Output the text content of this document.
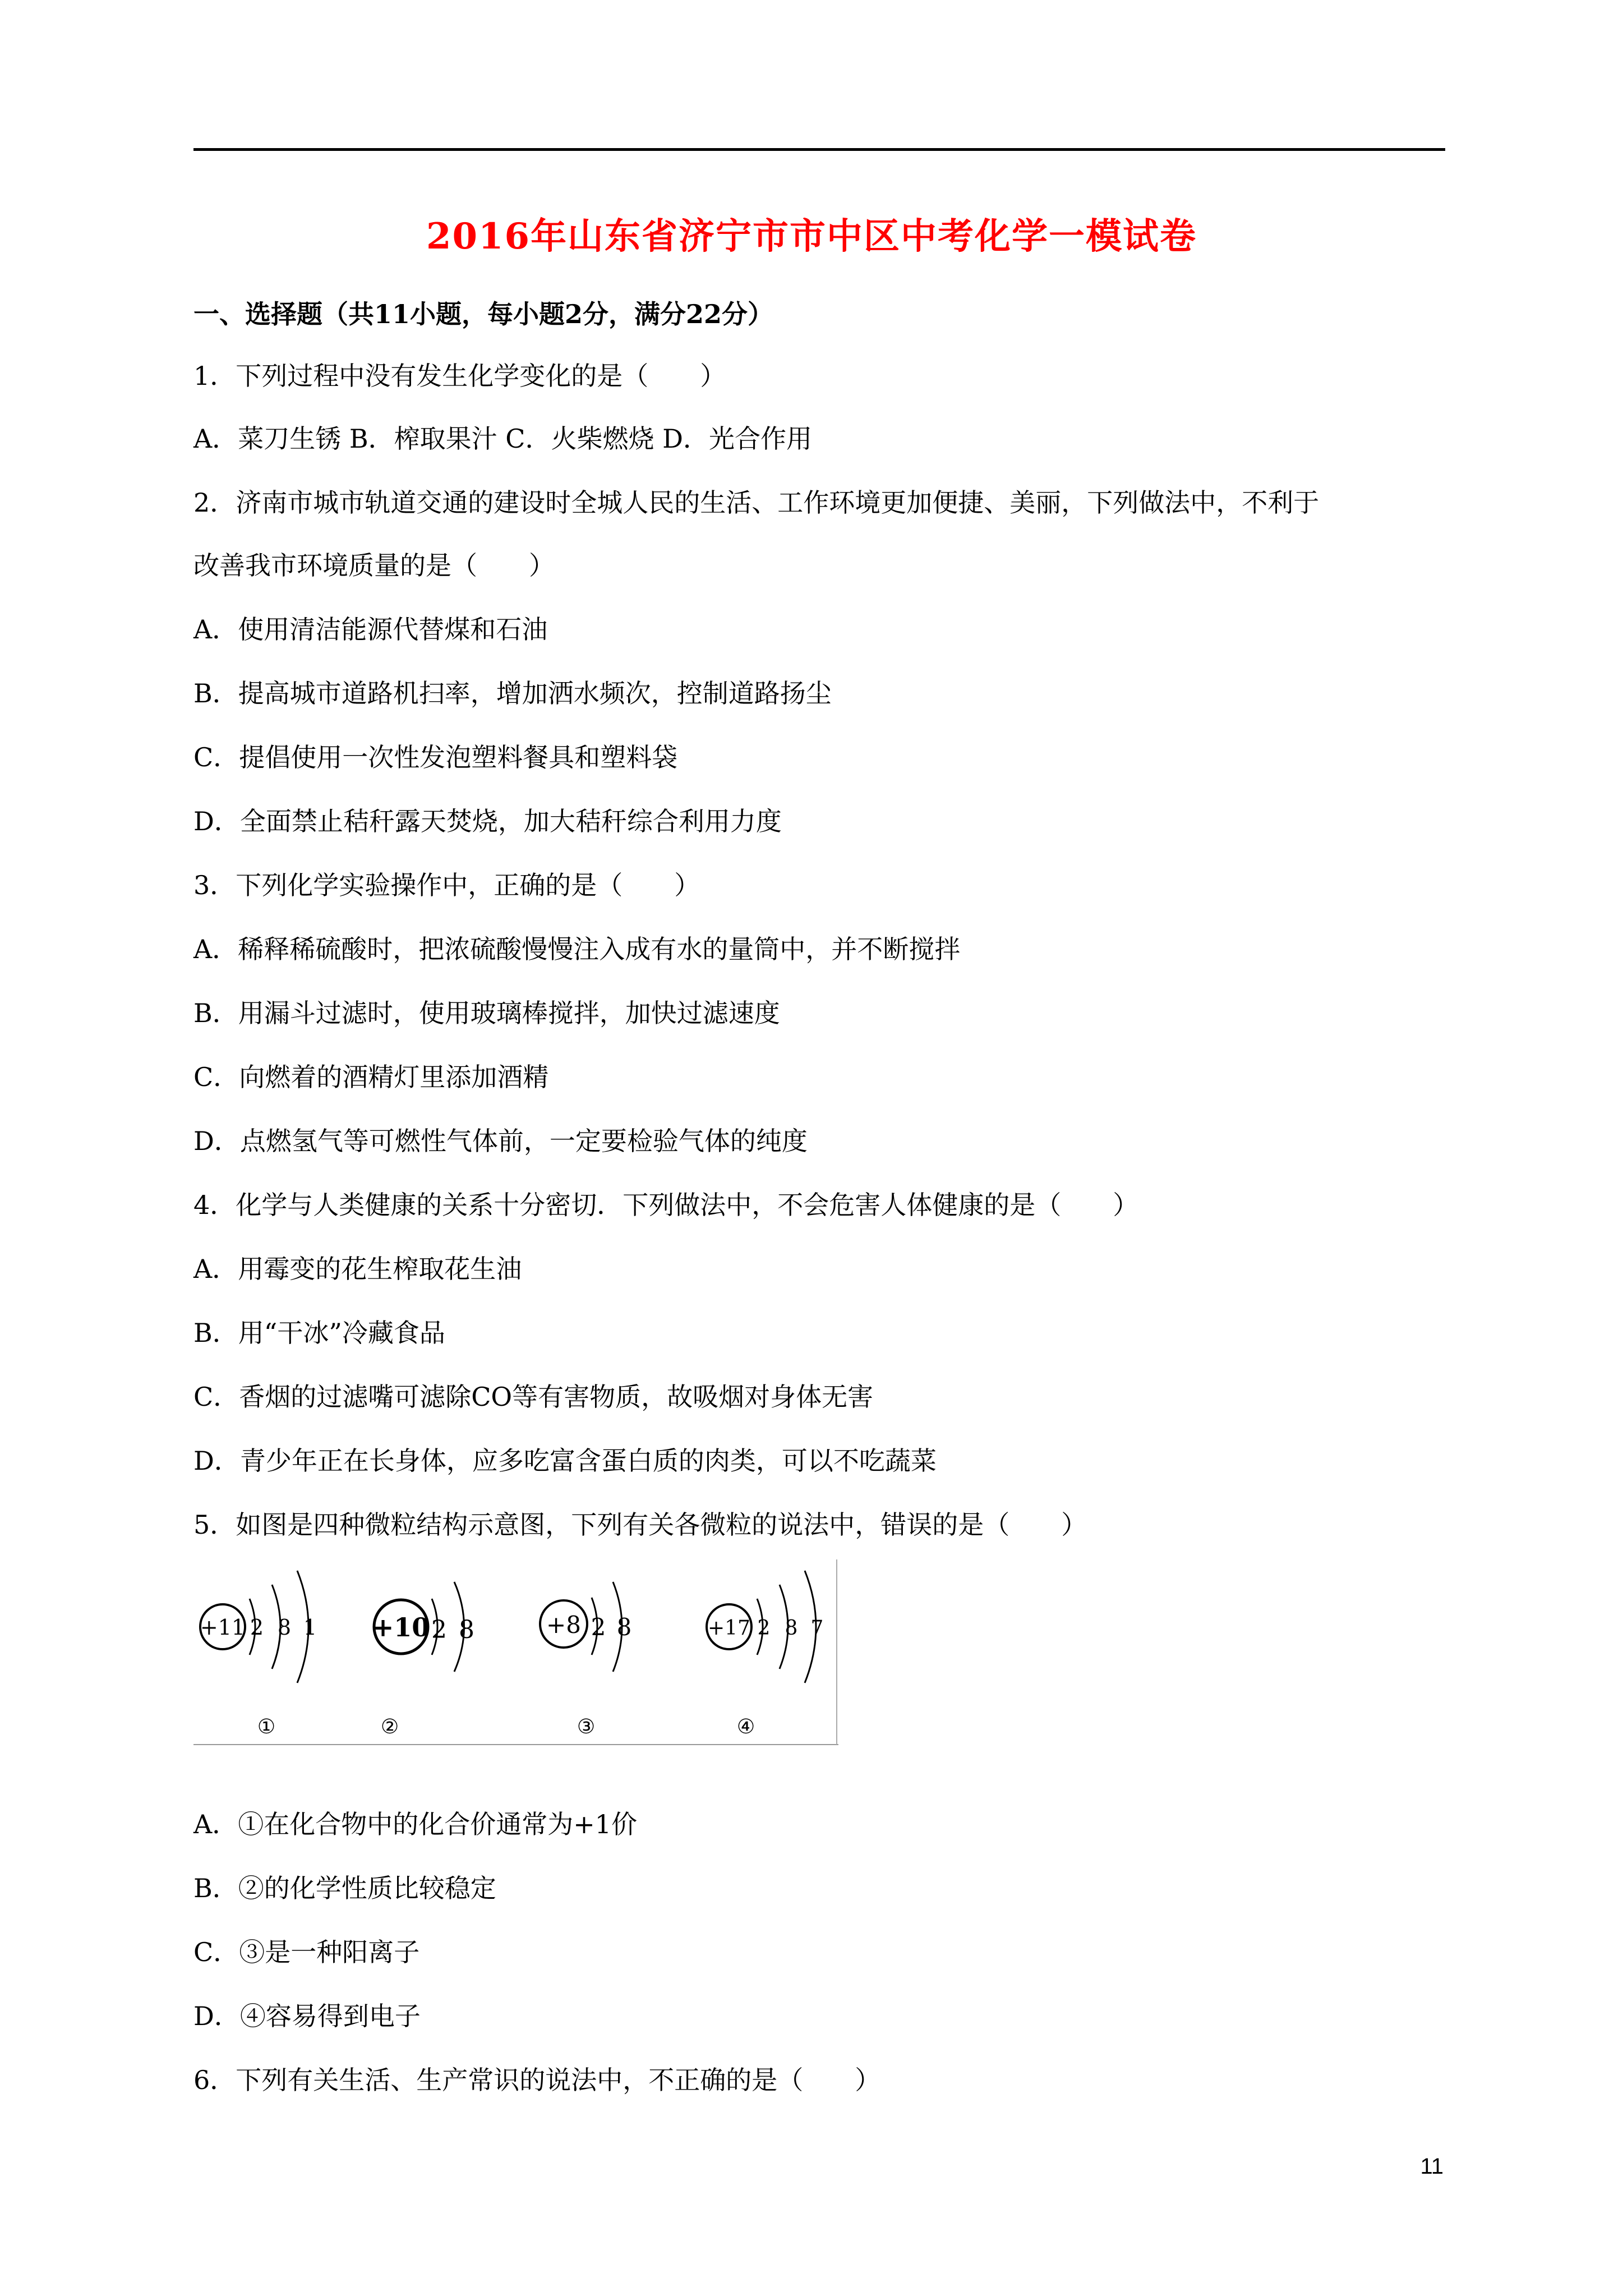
2016年山东省济宁市市中区中考化学一模试卷
一、选择题（共11小题，每小题2分，满分22分）
1．下列过程中没有发生化学变化的是（　　）
A．菜刀生锈 B．榨取果汁 C．火柴燃烧 D．光合作用
2．济南市城市轨道交通的建设时全城人民的生活、工作环境更加便捷、美丽，下列做法中，不利于
改善我市环境质量的是（　　）
A．使用清洁能源代替煤和石油
B．提高城市道路机扫率，增加洒水频次，控制道路扬尘
C．提倡使用一次性发泡塑料餐具和塑料袋
D．全面禁止秸秆露天焚烧，加大秸秆综合利用力度
3．下列化学实验操作中，正确的是（　　）
A．稀释稀硫酸时，把浓硫酸慢慢注入成有水的量筒中，并不断搅拌
B．用漏斗过滤时，使用玻璃棒搅拌，加快过滤速度
C．向燃着的酒精灯里添加酒精
D．点燃氢气等可燃性气体前，一定要检验气体的纯度
4．化学与人类健康的关系十分密切．下列做法中，不会危害人体健康的是（　　）
A．用霉变的花生榨取花生油
B．用“干冰”冷藏食品
C．香烟的过滤嘴可滤除CO等有害物质，故吸烟对身体无害
D．青少年正在长身体，应多吃富含蛋白质的肉类，可以不吃蔬菜
5．如图是四种微粒结构示意图，下列有关各微粒的说法中，错误的是（　　）
+11 2 8 1
①
+10 2 8
②
+8 2 8
③
+17 2 8 7
④
A．①在化合物中的化合价通常为+1价
B．②的化学性质比较稳定
C．③是一种阳离子
D．④容易得到电子
6．下列有关生活、生产常识的说法中，不正确的是（　　）
11
